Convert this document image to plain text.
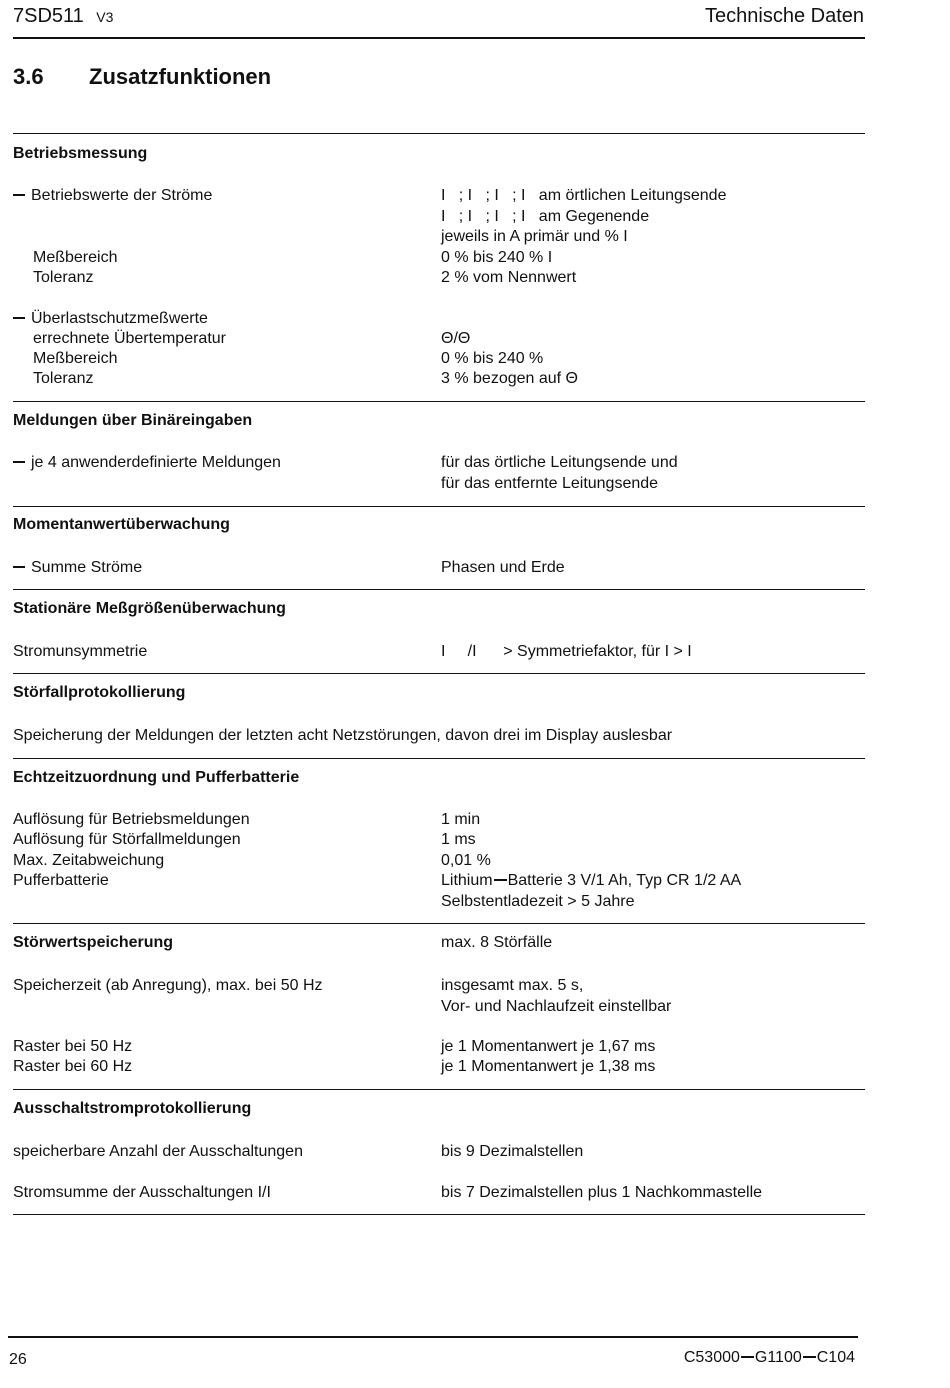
7SD511 V3	Technische Daten
3.6 Zusatzfunktionen
Betriebsmessung
Betriebswerte der Ströme	I   ; I   ; I   ; I   am örtlichen Leitungsende
I   ; I   ; I   ; I   am Gegenende
jeweils in A primär und % I
Meßbereich	0 % bis 240 % I
Toleranz	2 % vom Nennwert
Überlastschutzmeßwerte
errechnete Übertemperatur	Θ/Θ
Meßbereich	0 % bis 240 %
Toleranz	3 % bezogen auf Θ
Meldungen über Binäreingaben
je 4 anwenderdefinierte Meldungen	für das örtliche Leitungsende und
für das entfernte Leitungsende
Momentanwertüberwachung
Summe Ströme	Phasen und Erde
Stationäre Meßgrößenüberwachung
Stromunsymmetrie	I     /I      > Symmetriefaktor, für I > I
Störfallprotokollierung
Speicherung der Meldungen der letzten acht Netzstörungen, davon drei im Display auslesbar
Echtzeitzuordnung und Pufferbatterie
Auflösung für Betriebsmeldungen	1 min
Auflösung für Störfallmeldungen	1 ms
Max. Zeitabweichung	0,01 %
Pufferbatterie	Lithium Batterie 3 V/1 Ah, Typ CR 1/2 AA
Selbstentladezeit > 5 Jahre
Störwertspeicherung	max. 8 Störfälle
Speicherzeit (ab Anregung), max. bei 50 Hz	insgesamt max. 5 s,
Vor- und Nachlaufzeit einstellbar
Raster bei 50 Hz	je 1 Momentanwert je 1,67 ms
Raster bei 60 Hz	je 1 Momentanwert je 1,38 ms
Ausschaltstromprotokollierung
speicherbare Anzahl der Ausschaltungen	bis 9 Dezimalstellen
Stromsumme der Ausschaltungen I/I	bis 7 Dezimalstellen plus 1 Nachkommastelle
26	C53000 G1100 C104
